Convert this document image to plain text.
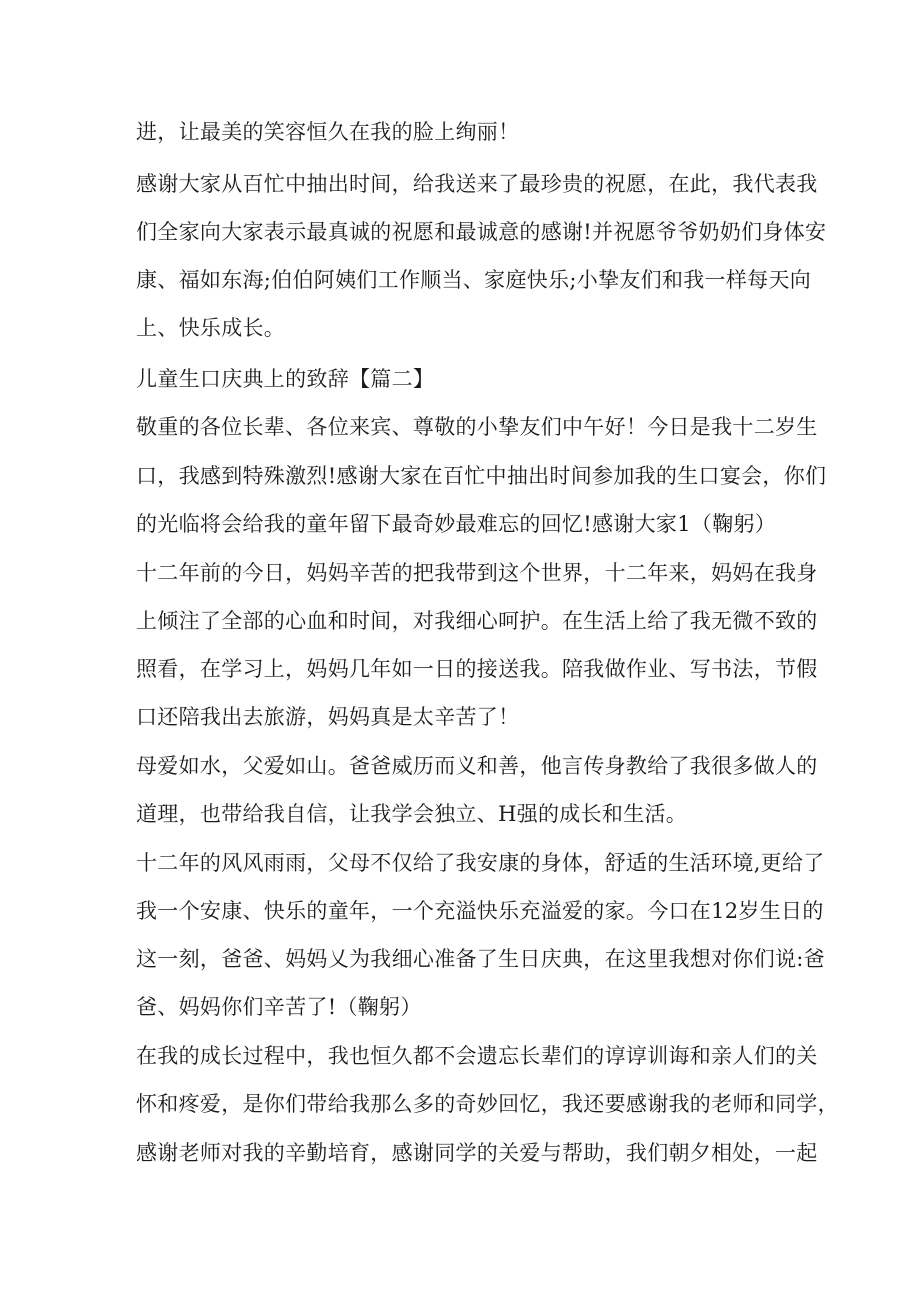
进，让最美的笑容恒久在我的脸上绚丽！

感谢大家从百忙中抽出时间，给我送来了最珍贵的祝愿，在此，我代表我

们全家向大家表示最真诚的祝愿和最诚意的感谢!并祝愿爷爷奶奶们身体安

康、福如东海;伯伯阿姨们工作顺当、家庭快乐;小挚友们和我一样每天向

上、快乐成长。

儿童生口庆典上的致辞【篇二】

敬重的各位长辈、各位来宾、尊敬的小挚友们中午好！今日是我十二岁生

口，我感到特殊激烈!感谢大家在百忙中抽出时间参加我的生口宴会，你们

的光临将会给我的童年留下最奇妙最难忘的回忆!感谢大家1（鞠躬）

十二年前的今日，妈妈辛苦的把我带到这个世界，十二年来，妈妈在我身

上倾注了全部的心血和时间，对我细心呵护。在生活上给了我无微不致的

照看，在学习上，妈妈几年如一日的接送我。陪我做作业、写书法，节假

口还陪我出去旅游，妈妈真是太辛苦了！

母爱如水，父爱如山。爸爸威历而义和善，他言传身教给了我很多做人的

道理，也带给我自信，让我学会独立、H强的成长和生活。

十二年的风风雨雨，父母不仅给了我安康的身体，舒适的生活环境,更给了

我一个安康、快乐的童年，一个充溢快乐充溢爱的家。今口在12岁生日的

这一刻，爸爸、妈妈乂为我细心准备了生日庆典，在这里我想对你们说:爸

爸、妈妈你们辛苦了!（鞠躬）

在我的成长过程中，我也恒久都不会遗忘长辈们的谆谆训诲和亲人们的关

怀和疼爱，是你们带给我那么多的奇妙回忆，我还要感谢我的老师和同学，

感谢老师对我的辛勤培育，感谢同学的关爱与帮助，我们朝夕相处，一起
